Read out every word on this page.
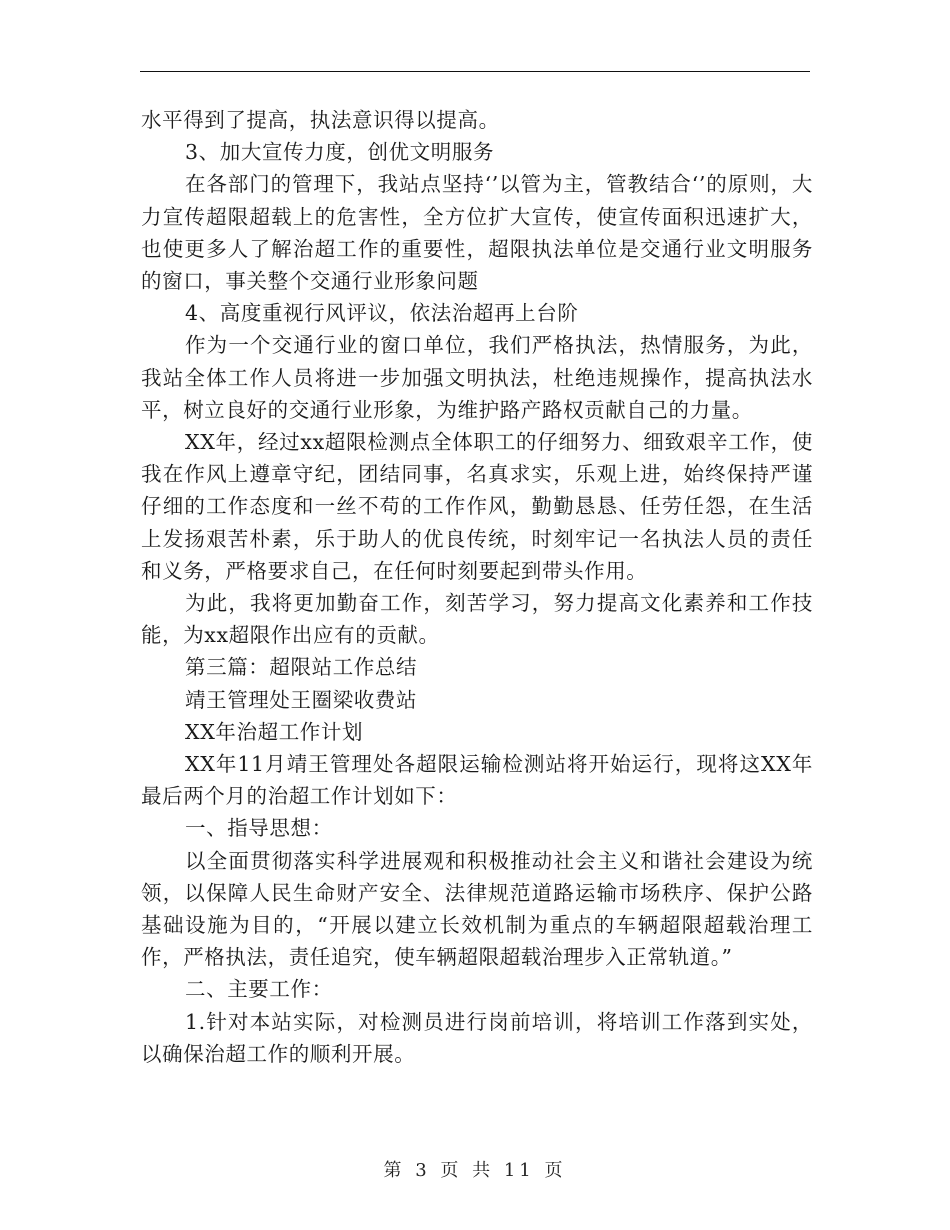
水平得到了提高，执法意识得以提高。

3、加大宣传力度，创优文明服务

在各部门的管理下，我站点坚持‘’以管为主，管教结合‘’的原则，大力宣传超限超载上的危害性，全方位扩大宣传，使宣传面积迅速扩大，也使更多人了解治超工作的重要性，超限执法单位是交通行业文明服务的窗口，事关整个交通行业形象问题

4、高度重视行风评议，依法治超再上台阶

作为一个交通行业的窗口单位，我们严格执法，热情服务，为此，我站全体工作人员将进一步加强文明执法，杜绝违规操作，提高执法水平，树立良好的交通行业形象，为维护路产路权贡献自己的力量。

XX年，经过xx超限检测点全体职工的仔细努力、细致艰辛工作，使我在作风上遵章守纪，团结同事，名真求实，乐观上进，始终保持严谨仔细的工作态度和一丝不苟的工作作风，勤勤恳恳、任劳任怨，在生活上发扬艰苦朴素，乐于助人的优良传统，时刻牢记一名执法人员的责任和义务，严格要求自己，在任何时刻要起到带头作用。

为此，我将更加勤奋工作，刻苦学习，努力提高文化素养和工作技能，为xx超限作出应有的贡献。

第三篇：超限站工作总结

靖王管理处王圈梁收费站

XX年治超工作计划

XX年11月靖王管理处各超限运输检测站将开始运行，现将这XX年最后两个月的治超工作计划如下：

一、指导思想：

以全面贯彻落实科学进展观和积极推动社会主义和谐社会建设为统领，以保障人民生命财产安全、法律规范道路运输市场秩序、保护公路基础设施为目的，“开展以建立长效机制为重点的车辆超限超载治理工作，严格执法，责任追究，使车辆超限超载治理步入正常轨道。”

二、主要工作：

1.针对本站实际，对检测员进行岗前培训，将培训工作落到实处，以确保治超工作的顺利开展。

第 3 页 共 11 页
